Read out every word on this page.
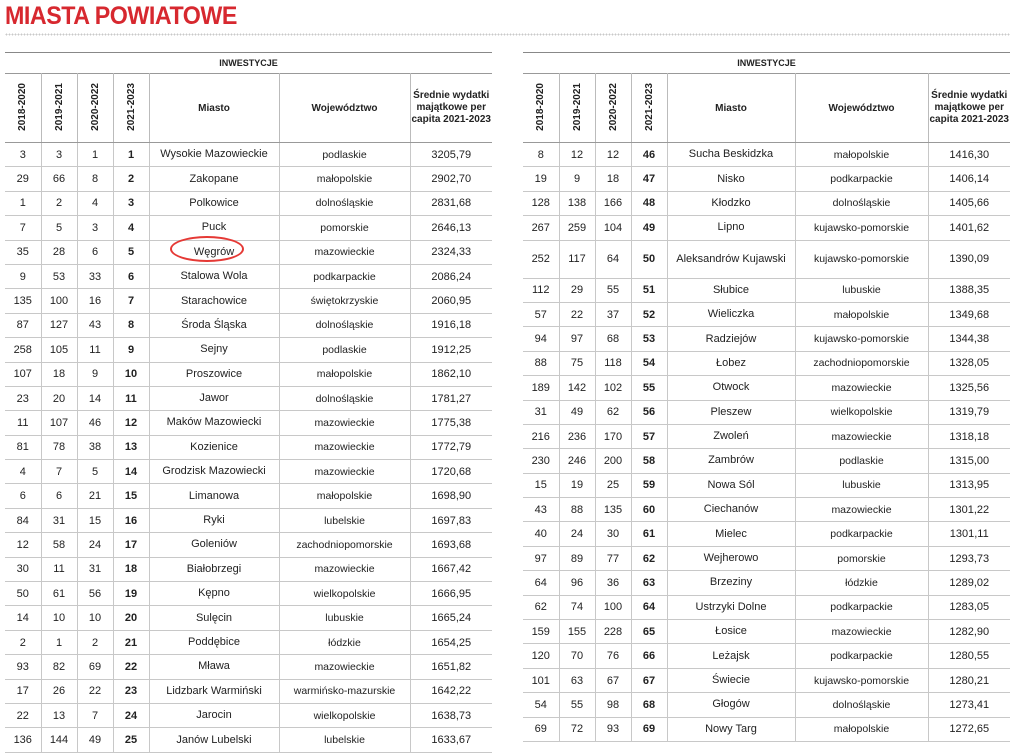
MIASTA POWIATOWE
INWESTYCJE
2018-2020	2019-2021	2020-2022	2021-2023	Miasto	Województwo	Średnie wydatki majątkowe per capita 2021-2023
3	3	1	1	Wysokie Mazowieckie	podlaskie	3205,79
29	66	8	2	Zakopane	małopolskie	2902,70
1	2	4	3	Polkowice	dolnośląskie	2831,68
7	5	3	4	Puck	pomorskie	2646,13
35	28	6	5	Węgrów	mazowieckie	2324,33
9	53	33	6	Stalowa Wola	podkarpackie	2086,24
135	100	16	7	Starachowice	świętokrzyskie	2060,95
87	127	43	8	Środa Śląska	dolnośląskie	1916,18
258	105	11	9	Sejny	podlaskie	1912,25
107	18	9	10	Proszowice	małopolskie	1862,10
23	20	14	11	Jawor	dolnośląskie	1781,27
11	107	46	12	Maków Mazowiecki	mazowieckie	1775,38
81	78	38	13	Kozienice	mazowieckie	1772,79
4	7	5	14	Grodzisk Mazowiecki	mazowieckie	1720,68
6	6	21	15	Limanowa	małopolskie	1698,90
84	31	15	16	Ryki	lubelskie	1697,83
12	58	24	17	Goleniów	zachodniopomorskie	1693,68
30	11	31	18	Białobrzegi	mazowieckie	1667,42
50	61	56	19	Kępno	wielkopolskie	1666,95
14	10	10	20	Sulęcin	lubuskie	1665,24
2	1	2	21	Poddębice	łódzkie	1654,25
93	82	69	22	Mława	mazowieckie	1651,82
17	26	22	23	Lidzbark Warmiński	warmińsko-mazurskie	1642,22
22	13	7	24	Jarocin	wielkopolskie	1638,73
136	144	49	25	Janów Lubelski	lubelskie	1633,67
INWESTYCJE
2018-2020	2019-2021	2020-2022	2021-2023	Miasto	Województwo	Średnie wydatki majątkowe per capita 2021-2023
8	12	12	46	Sucha Beskidzka	małopolskie	1416,30
19	9	18	47	Nisko	podkarpackie	1406,14
128	138	166	48	Kłodzko	dolnośląskie	1405,66
267	259	104	49	Lipno	kujawsko-pomorskie	1401,62
252	117	64	50	Aleksandrów Kujawski	kujawsko-pomorskie	1390,09
112	29	55	51	Słubice	lubuskie	1388,35
57	22	37	52	Wieliczka	małopolskie	1349,68
94	97	68	53	Radziejów	kujawsko-pomorskie	1344,38
88	75	118	54	Łobez	zachodniopomorskie	1328,05
189	142	102	55	Otwock	mazowieckie	1325,56
31	49	62	56	Pleszew	wielkopolskie	1319,79
216	236	170	57	Zwoleń	mazowieckie	1318,18
230	246	200	58	Zambrów	podlaskie	1315,00
15	19	25	59	Nowa Sól	lubuskie	1313,95
43	88	135	60	Ciechanów	mazowieckie	1301,22
40	24	30	61	Mielec	podkarpackie	1301,11
97	89	77	62	Wejherowo	pomorskie	1293,73
64	96	36	63	Brzeziny	łódzkie	1289,02
62	74	100	64	Ustrzyki Dolne	podkarpackie	1283,05
159	155	228	65	Łosice	mazowieckie	1282,90
120	70	76	66	Leżajsk	podkarpackie	1280,55
101	63	67	67	Świecie	kujawsko-pomorskie	1280,21
54	55	98	68	Głogów	dolnośląskie	1273,41
69	72	93	69	Nowy Targ	małopolskie	1272,65
